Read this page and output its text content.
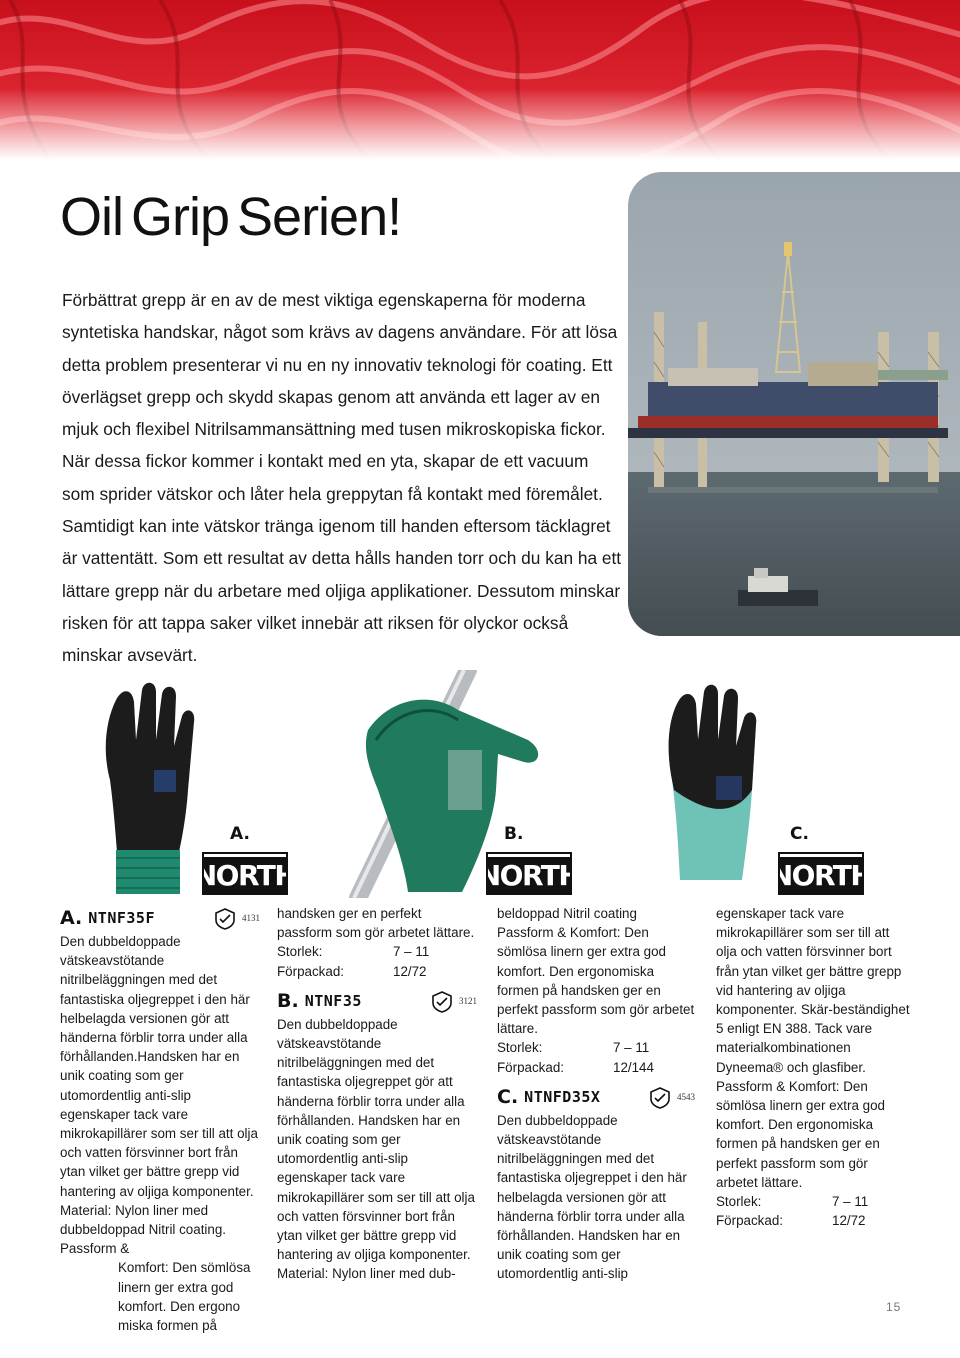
Oil Grip Serien!

Förbättrat grepp är en av de mest viktiga egenskaperna för moderna syntetiska handskar, något som krävs av dagens användare. För att lösa detta problem presenterar vi nu en ny innovativ teknologi för coating. Ett överlägset grepp och skydd skapas genom att använda ett lager av en mjuk och flexibel Nitrilsammansättning med tusen mikroskopiska fickor. När dessa fickor kommer i kontakt med en yta, skapar de ett vacuum som sprider vätskor och låter hela greppytan få kontakt med föremålet. Samtidigt kan inte vätskor tränga igenom till handen eftersom täcklagret är vattentätt. Som ett resultat av detta hålls handen torr och du kan ha ett lättare grepp när du arbetare med oljiga applikationer. Dessutom minskar risken för att tappa saker vilket innebär att riksen för olyckor också minskar avsevärt.

A.
NORTH
B.
NORTH
C.
NORTH
A. NTNF35F	4131

Den dubbeldoppade vätskeavstötande nitrilbeläggningen med det fantastiska oljegreppet i den här helbelagda versionen gör att händerna förblir torra under alla förhållanden.Handsken har en unik coating som ger utomordentlig anti-slip egenskaper tack vare mikrokapillärer som ser till att olja och vatten försvinner bort från ytan vilket ger bättre grepp vid hantering av oljiga komponenter. Material: Nylon liner med dubbeldoppad Nitril coating. Passform &

Komfort: Den sömlösa linern ger extra god komfort. Den ergono miska formen på

handsken ger en perfekt passform som gör arbetet lättare.

Storlek:	7 – 11
Förpackad:	12/72
B. NTNF35	3121

Den dubbeldoppade vätskeavstötande nitrilbeläggningen med det fantastiska oljegreppet gör att händerna förblir torra under alla förhållanden. Handsken har en unik coating som ger utomordentlig anti-slip egenskaper tack vare mikrokapillärer som ser till att olja och vatten försvinner bort från ytan vilket ger bättre grepp vid hantering av oljiga komponenter. Material: Nylon liner med dub-

beldoppad Nitril coating Passform & Komfort: Den sömlösa linern ger extra god komfort. Den ergonomiska formen på handsken ger en perfekt passform som gör arbetet lättare.

Storlek:	7 – 11
Förpackad:	12/144
C. NTNFD35X	4543

Den dubbeldoppade vätskeavstötande nitrilbeläggningen med det fantastiska oljegreppet i den här helbelagda versionen gör att händerna förblir torra under alla förhållanden. Handsken har en unik coating som ger utomordentlig anti-slip

egenskaper tack vare mikrokapillärer som ser till att olja och vatten försvinner bort från ytan vilket ger bättre grepp vid hantering av oljiga komponenter. Skär-beständighet 5 enligt EN 388. Tack vare materialkombinationen Dyneema® och glasfiber. Passform & Komfort: Den sömlösa linern ger extra god komfort. Den ergonomiska formen på handsken ger en perfekt passform som gör arbetet lättare.

Storlek:	7 – 11
Förpackad:	12/72
15
